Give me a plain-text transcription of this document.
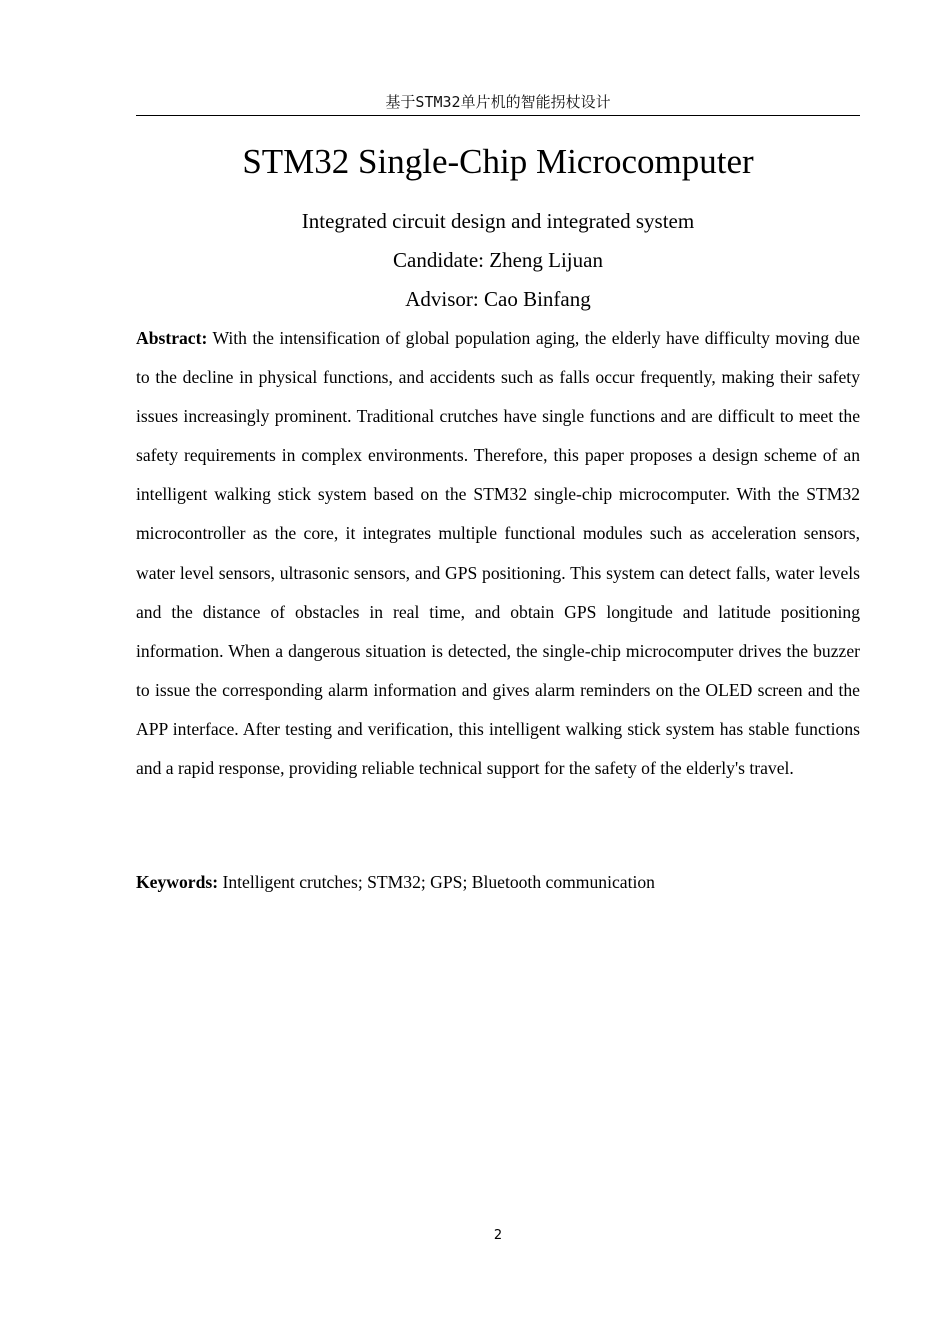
基于STM32单片机的智能拐杖设计
STM32 Single-Chip Microcomputer
Integrated circuit design and integrated system
Candidate: Zheng Lijuan
Advisor: Cao Binfang

Abstract: With the intensification of global population aging, the elderly have difficulty moving due to the decline in physical functions, and accidents such as falls occur frequently, making their safety issues increasingly prominent. Traditional crutches have single functions and are difficult to meet the safety requirements in complex environments. Therefore, this paper proposes a design scheme of an intelligent walking stick system based on the STM32 single-chip microcomputer. With the STM32 microcontroller as the core, it integrates multiple functional modules such as acceleration sensors, water level sensors, ultrasonic sensors, and GPS positioning. This system can detect falls, water levels and the distance of obstacles in real time, and obtain GPS longitude and latitude positioning information. When a dangerous situation is detected, the single-chip microcomputer drives the buzzer to issue the corresponding alarm information and gives alarm reminders on the OLED screen and the APP interface. After testing and verification, this intelligent walking stick system has stable functions and a rapid response, providing reliable technical support for the safety of the elderly's travel.

Keywords: Intelligent crutches; STM32; GPS; Bluetooth communication

2
